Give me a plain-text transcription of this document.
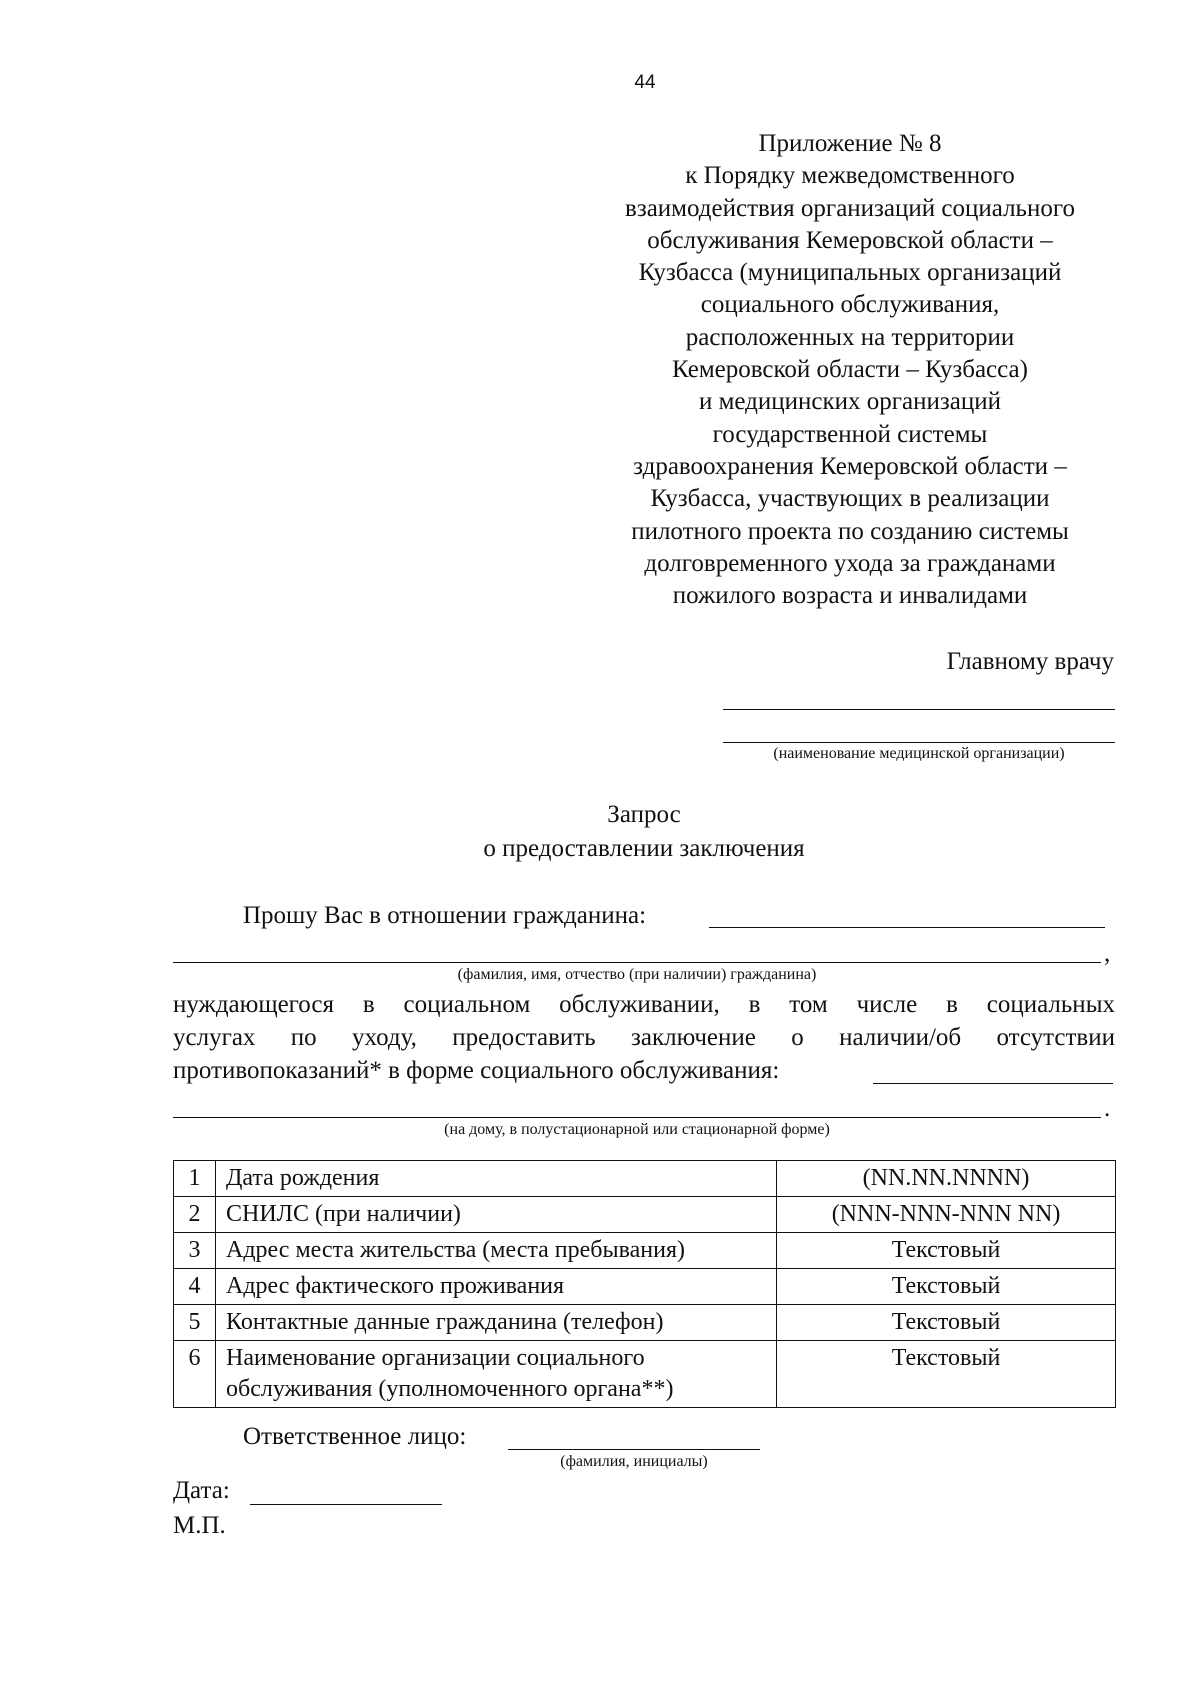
44
Приложение № 8
к Порядку межведомственного
взаимодействия организаций социального
обслуживания Кемеровской области –
Кузбасса (муниципальных организаций
социального обслуживания,
расположенных на территории
Кемеровской области – Кузбасса)
и медицинских организаций
государственной системы
здравоохранения Кемеровской области –
Кузбасса, участвующих в реализации
пилотного проекта по созданию системы
долговременного ухода за гражданами
пожилого возраста и инвалидами
Главному врачу
(наименование медицинской организации)
Запрос
о предоставлении заключения
Прошу Вас в отношении гражданина:
,
(фамилия, имя, отчество (при наличии) гражданина)
нуждающегося в социальном обслуживании, в том числе в социальных
услугах по уходу, предоставить заключение о наличии/об отсутствии
противопоказаний* в форме социального обслуживания:
.
(на дому, в полустационарной или стационарной форме)
1	Дата рождения	(NN.NN.NNNN)
2	СНИЛС (при наличии)	(NNN-NNN-NNN NN)
3	Адрес места жительства (места пребывания)	Текстовый
4	Адрес фактического проживания	Текстовый
5	Контактные данные гражданина (телефон)	Текстовый
6	Наименование организации социального обслуживания (уполномоченного органа**)	Текстовый
Ответственное лицо:
(фамилия, инициалы)
Дата:
М.П.
